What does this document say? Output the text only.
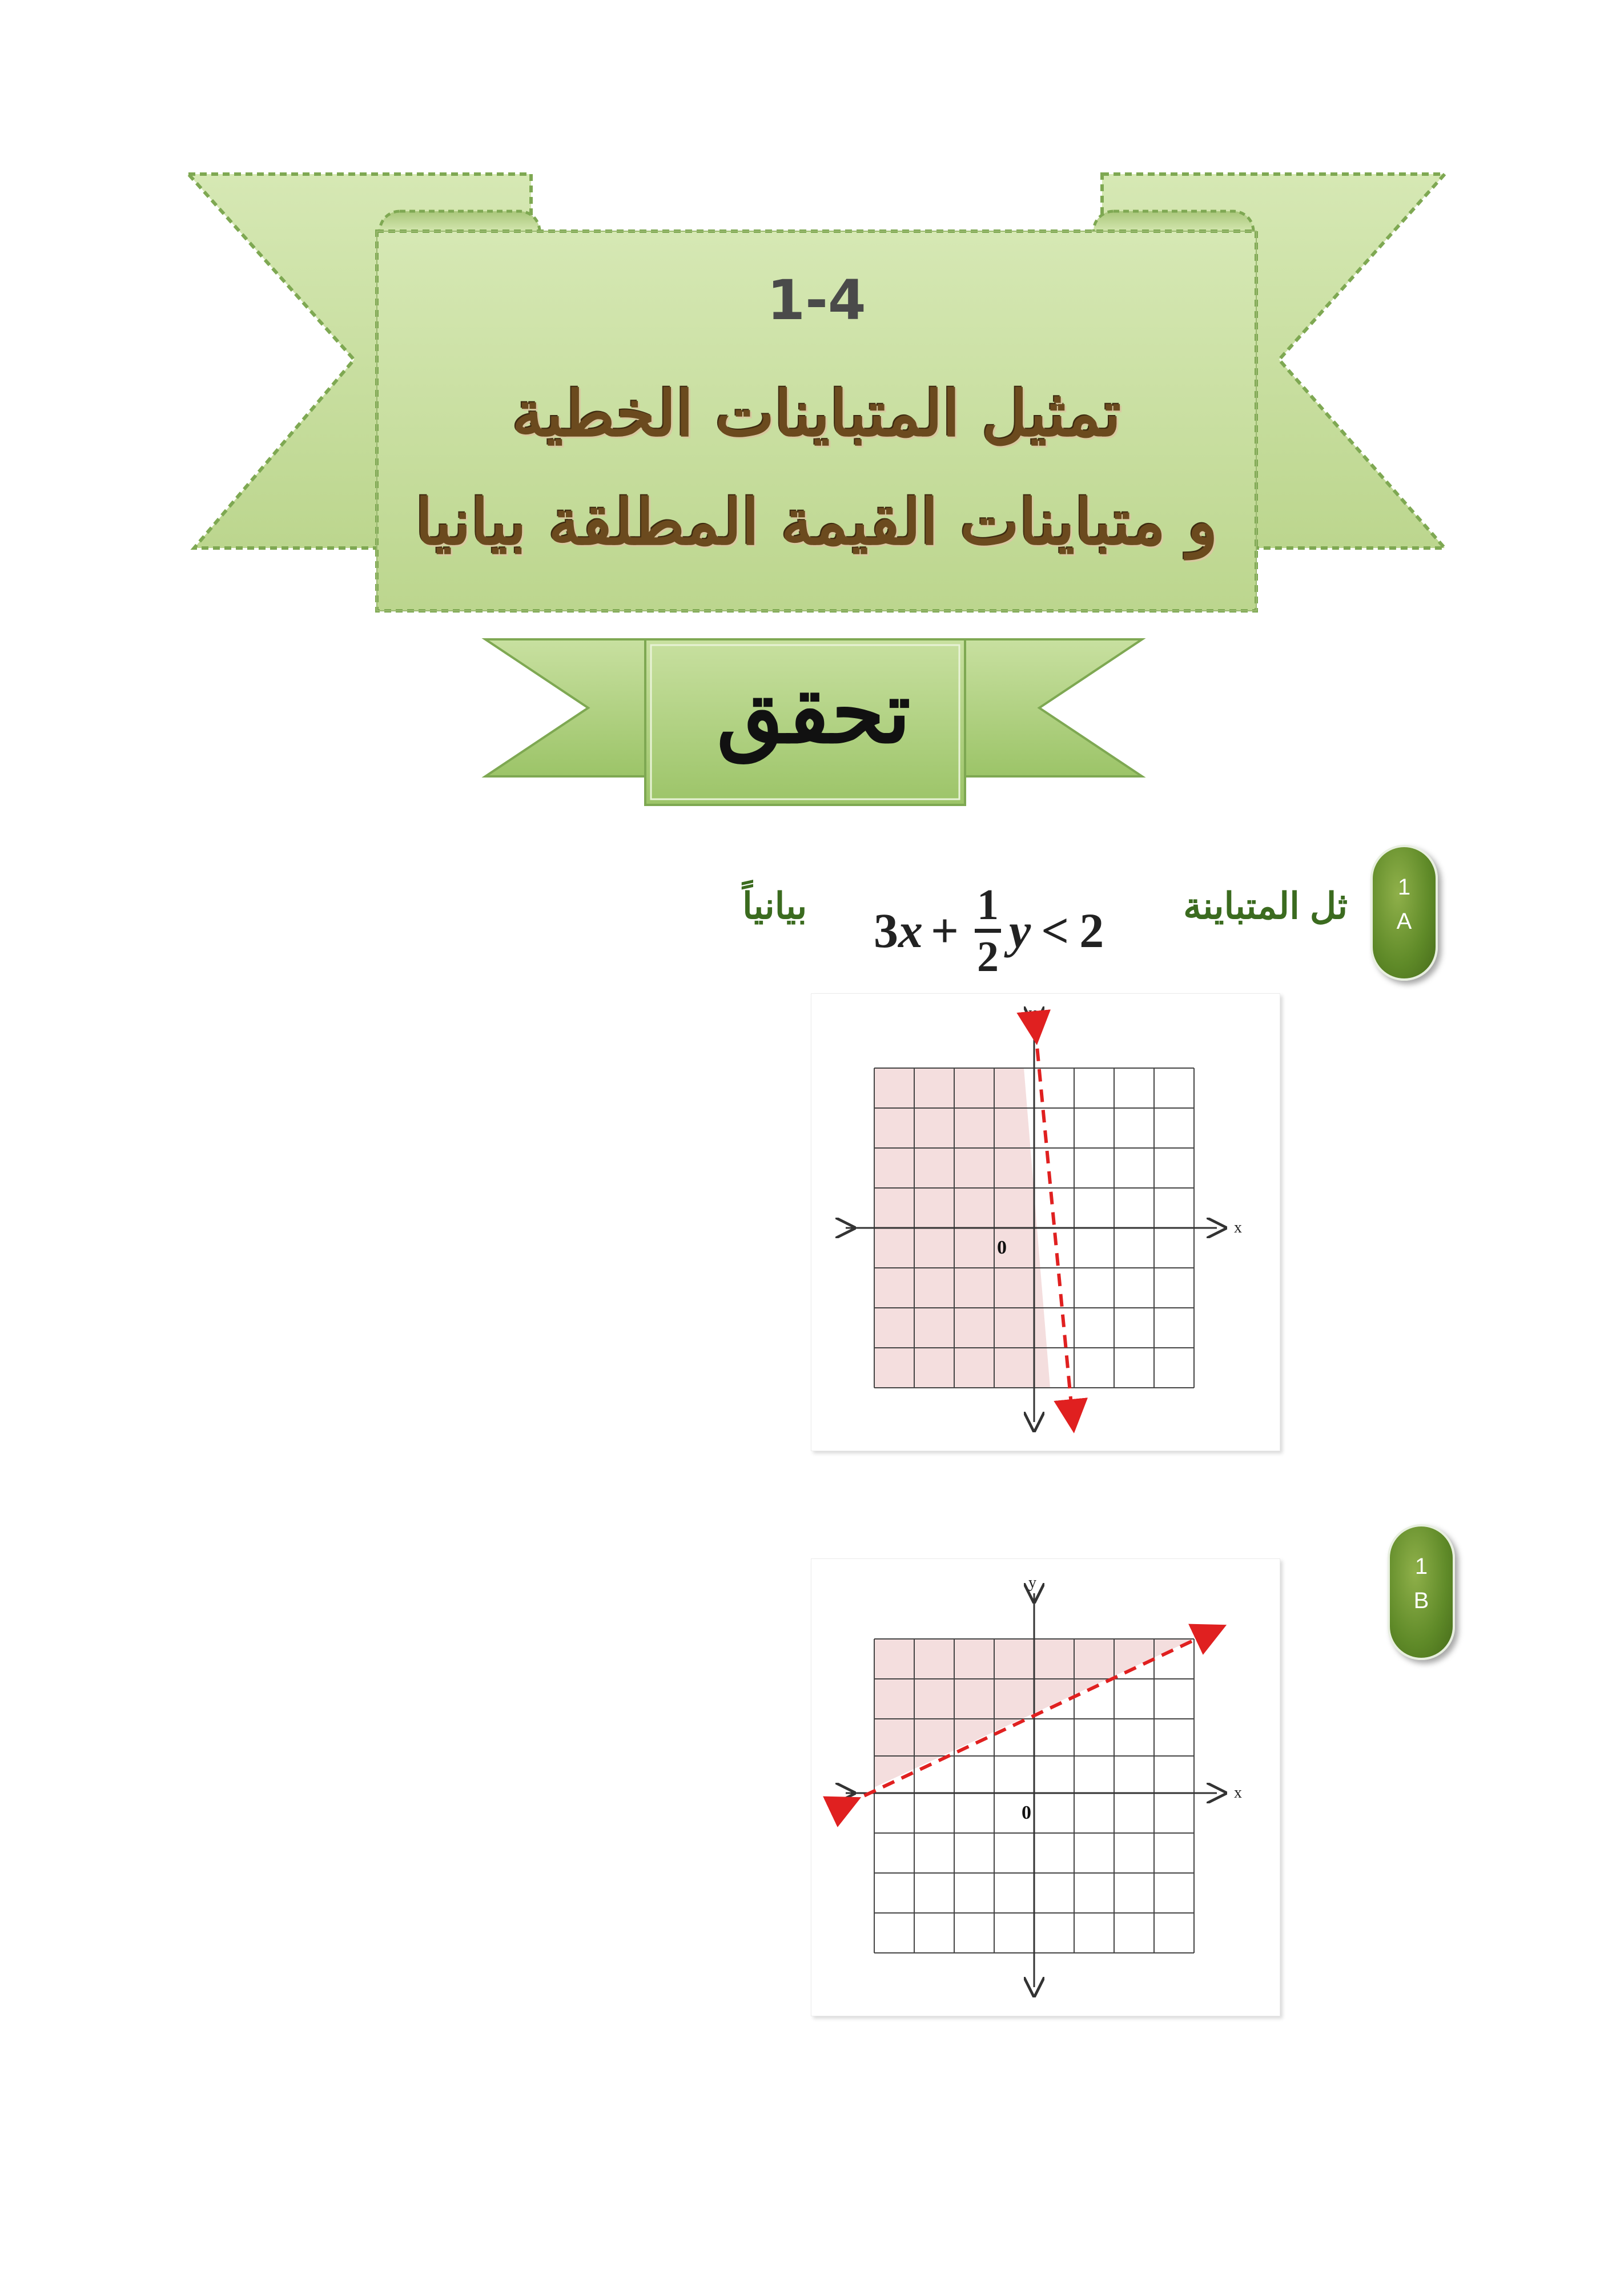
1-4
تمثيل المتباينات الخطية
و متباينات القيمة المطلقة بيانيا
تحقق
1
A
ثل المتباينة
3 x + 1
2 y < 2
بيانياً
x
y
0
1
B
x
y
0
